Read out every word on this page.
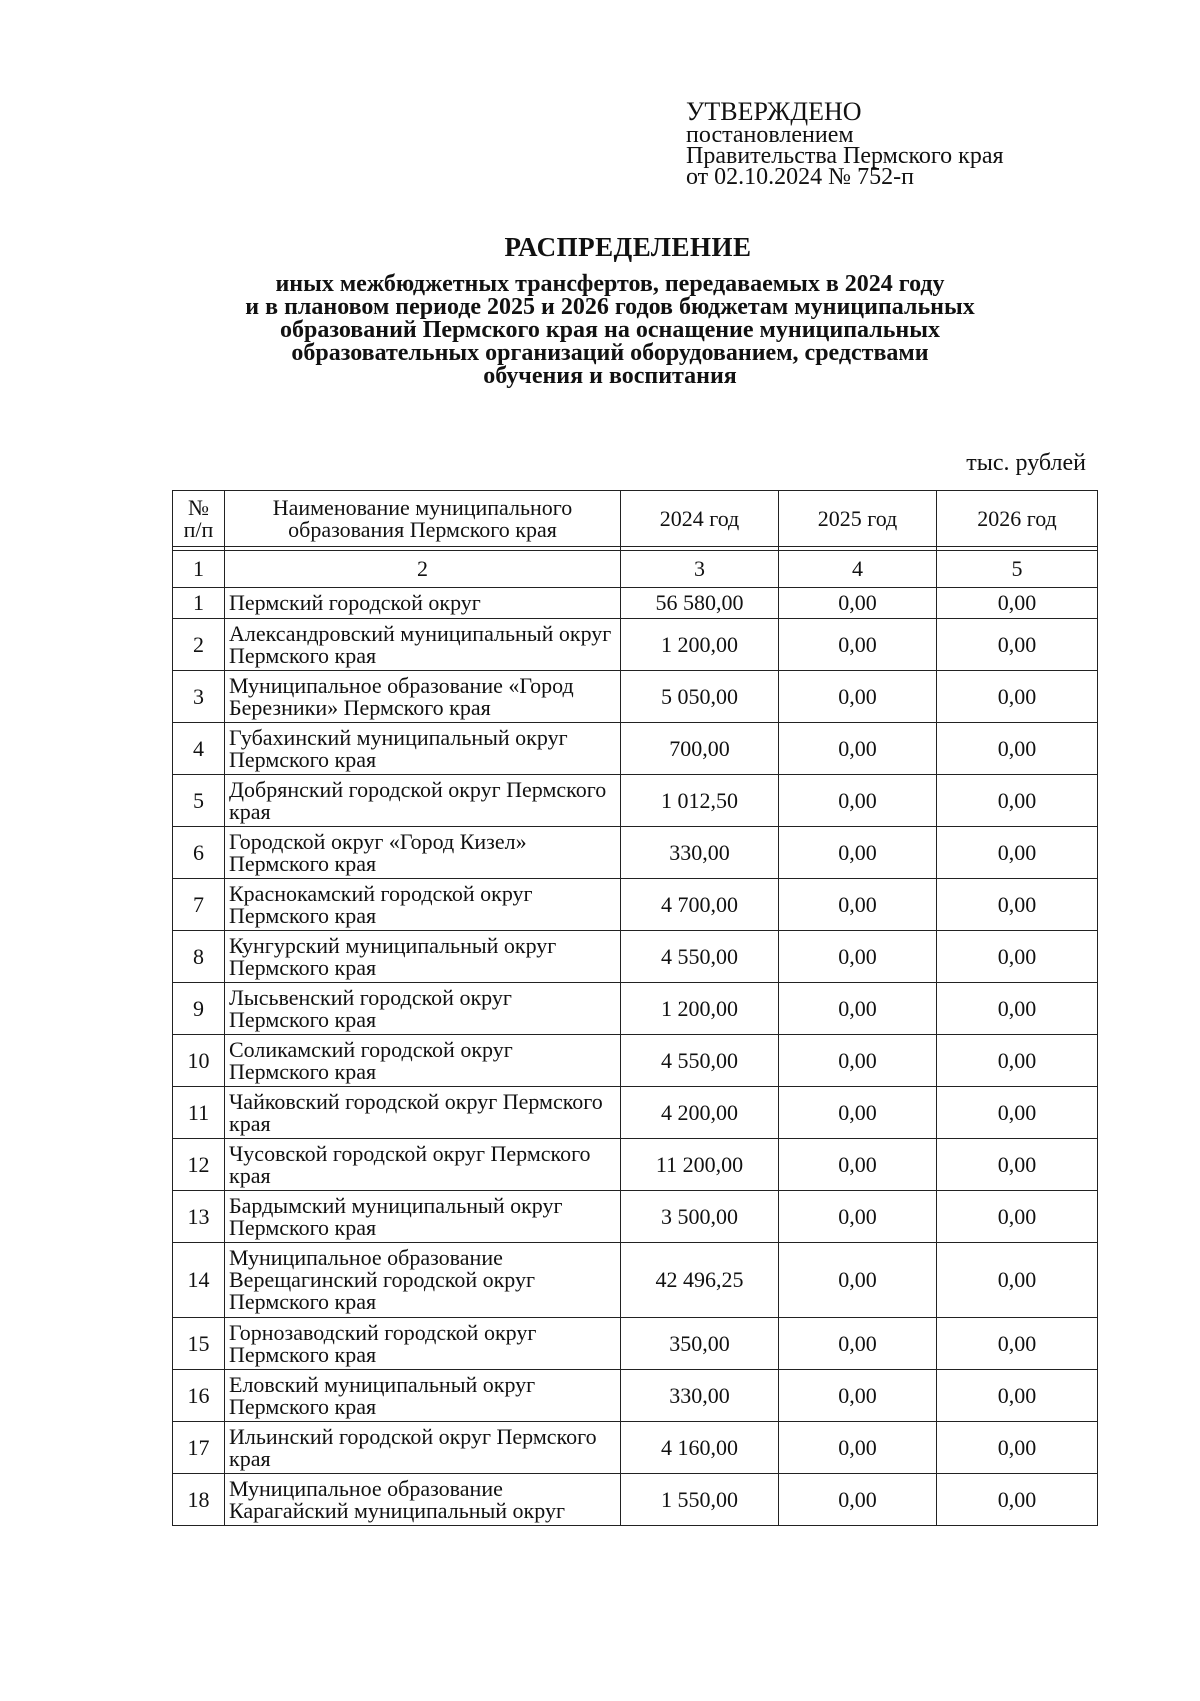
УТВЕРЖДЕНО
постановлением
Правительства Пермского края
от 02.10.2024 № 752-п
РАСПРЕДЕЛЕНИЕ
иных межбюджетных трансфертов, передаваемых в 2024 году
и в плановом периоде 2025 и 2026 годов бюджетам муниципальных
образований Пермского края на оснащение муниципальных
образовательных организаций оборудованием, средствами
обучения и воспитания
тыс. рублей
№ п/п	Наименование муниципального образования Пермского края	2024 год	2025 год	2026 год

1	2	3	4	5
1	Пермский городской округ	56 580,00	0,00	0,00
2	Александровский муниципальный округ Пермского края	1 200,00	0,00	0,00
3	Муниципальное образование «Город Березники» Пермского края	5 050,00	0,00	0,00
4	Губахинский муниципальный округ Пермского края	700,00	0,00	0,00
5	Добрянский городской округ Пермского края	1 012,50	0,00	0,00
6	Городской округ «Город Кизел» Пермского края	330,00	0,00	0,00
7	Краснокамский городской округ Пермского края	4 700,00	0,00	0,00
8	Кунгурский муниципальный округ Пермского края	4 550,00	0,00	0,00
9	Лысьвенский городской округ Пермского края	1 200,00	0,00	0,00
10	Соликамский городской округ Пермского края	4 550,00	0,00	0,00
11	Чайковский городской округ Пермского края	4 200,00	0,00	0,00
12	Чусовской городской округ Пермского края	11 200,00	0,00	0,00
13	Бардымский муниципальный округ Пермского края	3 500,00	0,00	0,00
14	Муниципальное образование Верещагинский городской округ Пермского края	42 496,25	0,00	0,00
15	Горнозаводский городской округ Пермского края	350,00	0,00	0,00
16	Еловский муниципальный округ Пермского края	330,00	0,00	0,00
17	Ильинский городской округ Пермского края	4 160,00	0,00	0,00
18	Муниципальное образование Карагайский муниципальный округ	1 550,00	0,00	0,00
